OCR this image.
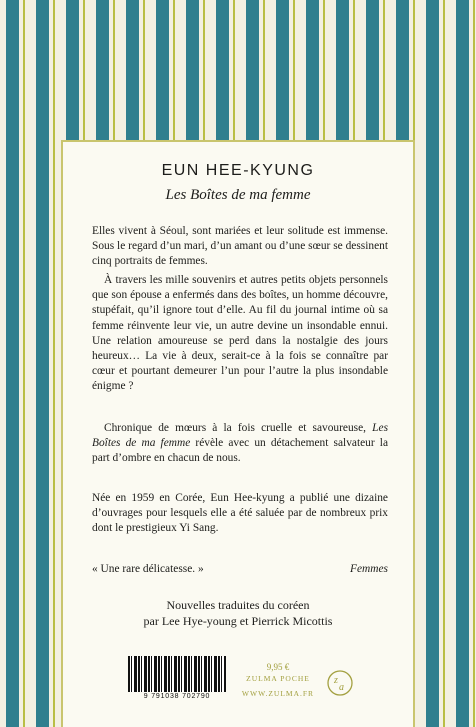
EUN HEE-KYUNG
Les Boîtes de ma femme

Elles vivent à Séoul, sont mariées et leur solitude est immense. Sous le regard d’un mari, d’un amant ou d’une sœur se dessinent cinq portraits de femmes.

À travers les mille souvenirs et autres petits objets personnels que son épouse a enfermés dans des boîtes, un homme découvre, stupéfait, qu’il ignore tout d’elle. Au fil du journal intime où sa femme réinvente leur vie, un autre devine un insondable ennui. Une relation amoureuse se perd dans la nostalgie des jours heureux… La vie à deux, serait-ce à la fois se connaître par cœur et pourtant demeurer l’un pour l’autre la plus insondable énigme ?

Chronique de mœurs à la fois cruelle et savoureuse, Les Boîtes de ma femme révèle avec un détachement salvateur la part d’ombre en chacun de nous.

Née en 1959 en Corée, Eun Hee-kyung a publié une dizaine d’ouvrages pour lesquels elle a été saluée par de nombreux prix dont le prestigieux Yi Sang.

« Une rare délicatesse. »	Femmes
Nouvelles traduites du coréen
par Lee Hye-young et Pierrick Micottis
9 791038 702790
9,95 €
ZULMA POCHE
WWW.ZULMA.FR
z
a
